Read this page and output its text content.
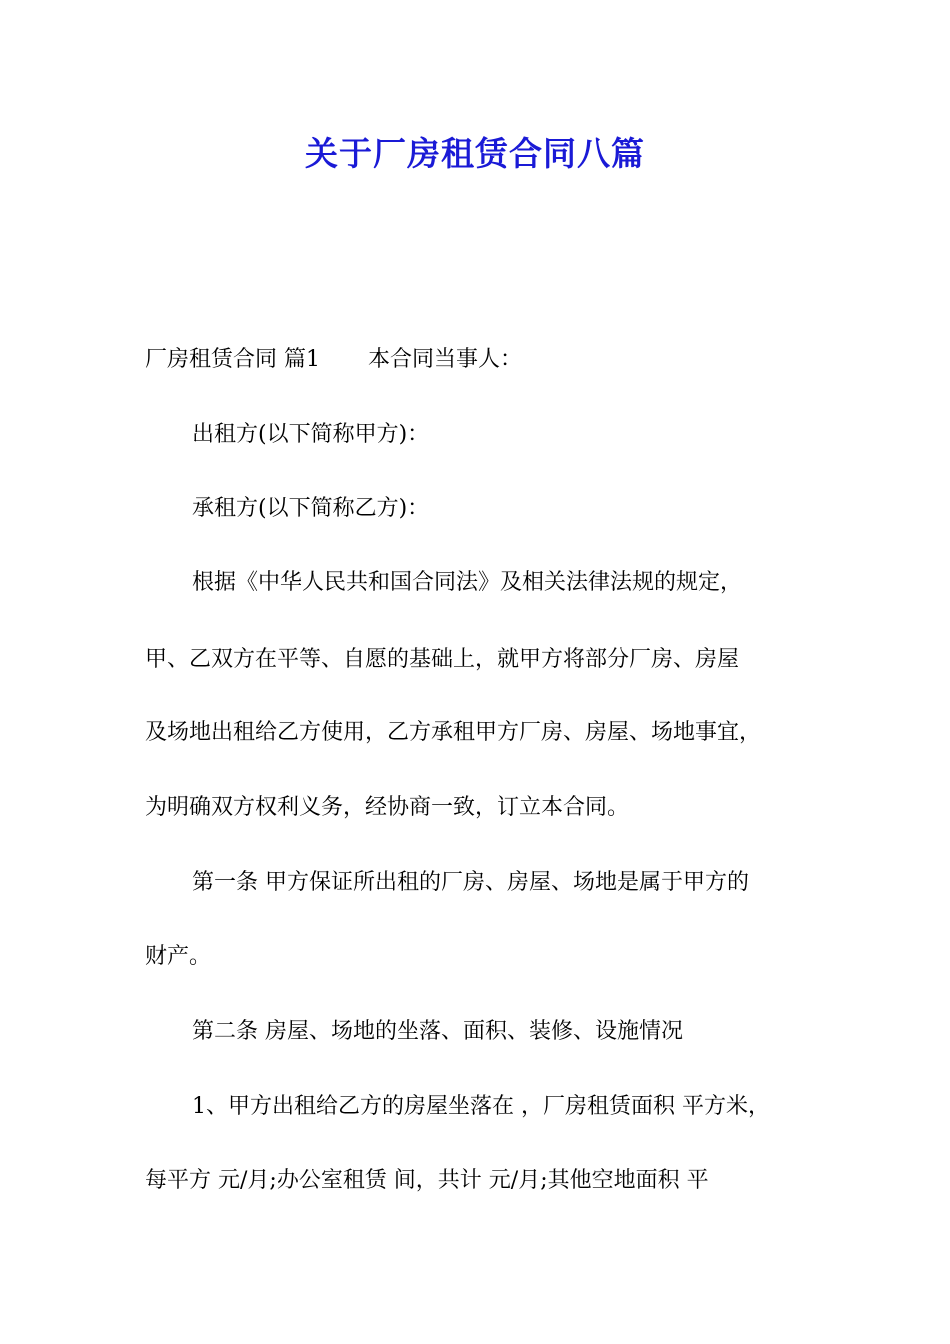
关于厂房租赁合同八篇
厂房租赁合同 篇1 本合同当事人：
出租方(以下简称甲方)：
承租方(以下简称乙方)：
根据《中华人民共和国合同法》及相关法律法规的规定，
甲、乙双方在平等、自愿的基础上，就甲方将部分厂房、房屋
及场地出租给乙方使用，乙方承租甲方厂房、房屋、场地事宜，
为明确双方权利义务，经协商一致，订立本合同。
第一条 甲方保证所出租的厂房、房屋、场地是属于甲方的
财产。
第二条 房屋、场地的坐落、面积、装修、设施情况
1、甲方出租给乙方的房屋坐落在 ，厂房租赁面积 平方米，
每平方 元/月;办公室租赁 间，共计 元/月;其他空地面积 平
